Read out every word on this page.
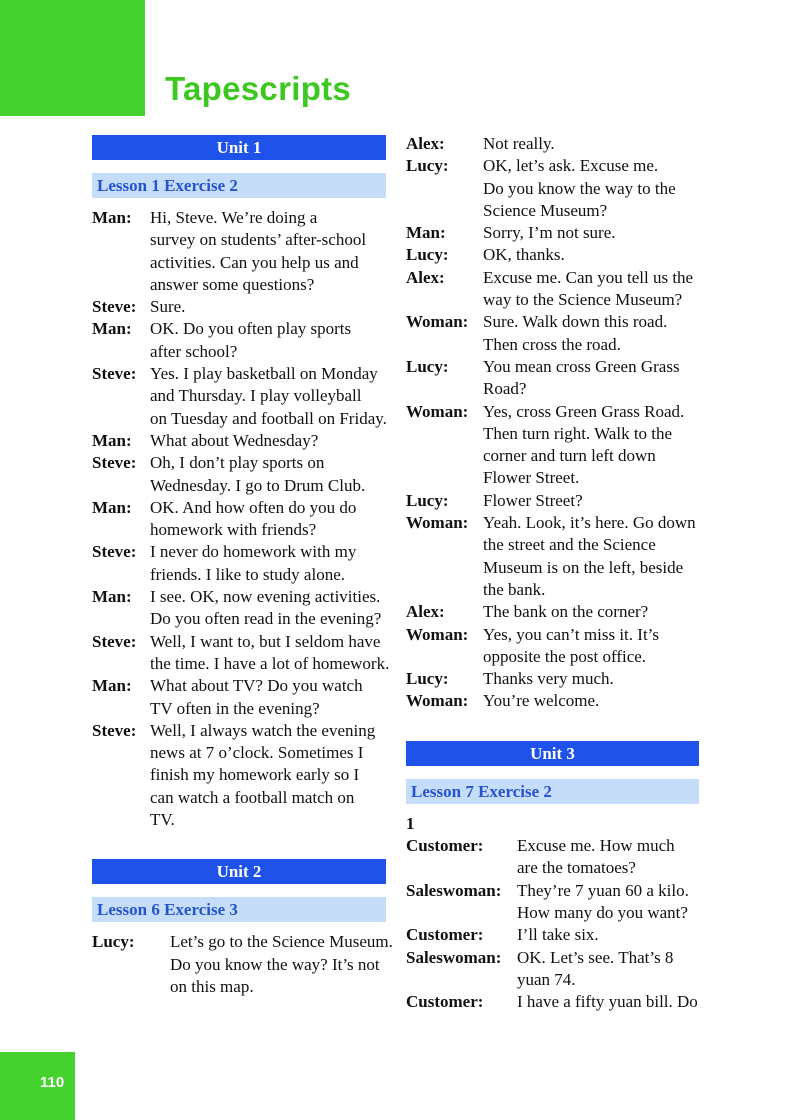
Tapescripts
Unit 1
Lesson 1 Exercise 2
Man:	Hi, Steve. We’re doing a
survey on students’ after-school
activities. Can you help us and
answer some questions?
Steve: Sure.
Man:	OK. Do you often play sports
after school?
Steve: Yes. I play basketball on Monday
and Thursday. I play volleyball
on Tuesday and football on Friday.
Man:	What about Wednesday?
Steve: Oh, I don’t play sports on
Wednesday. I go to Drum Club.
Man:	OK. And how often do you do
homework with friends?
Steve: I never do homework with my
friends. I like to study alone.
Man:	I see. OK, now evening activities.
Do you often read in the evening?
Steve: Well, I want to, but I seldom have
the time. I have a lot of homework.
Man:	What about TV? Do you watch
TV often in the evening?
Steve: Well, I always watch the evening
news at 7 o’clock. Sometimes I
finish my homework early so I
can watch a football match on
TV.
Unit 2
Lesson 6 Exercise 3
Lucy:	Let’s go to the Science Museum.
Do you know the way? It’s not
on this map.
Alex:	Not really.
Lucy:	OK, let’s ask. Excuse me.
Do you know the way to the
Science Museum?
Man:	Sorry, I’m not sure.
Lucy:	OK, thanks.
Alex:	Excuse me. Can you tell us the
way to the Science Museum?
Woman: Sure. Walk down this road.
Then cross the road.
Lucy:	You mean cross Green Grass
Road?
Woman: Yes, cross Green Grass Road.
Then turn right. Walk to the
corner and turn left down
Flower Street.
Lucy:	Flower Street?
Woman: Yeah. Look, it’s here. Go down
the street and the Science
Museum is on the left, beside
the bank.
Alex:	The bank on the corner?
Woman: Yes, you can’t miss it. It’s
opposite the post office.
Lucy:	Thanks very much.
Woman: You’re welcome.
Unit 3
Lesson 7 Exercise 2
1
Customer:	Excuse me. How much
are the tomatoes?
Saleswoman: They’re 7 yuan 60 a kilo.
How many do you want?
Customer:	I’ll take six.
Saleswoman: OK. Let’s see. That’s 8
yuan 74.
Customer:	I have a fifty yuan bill. Do

110
